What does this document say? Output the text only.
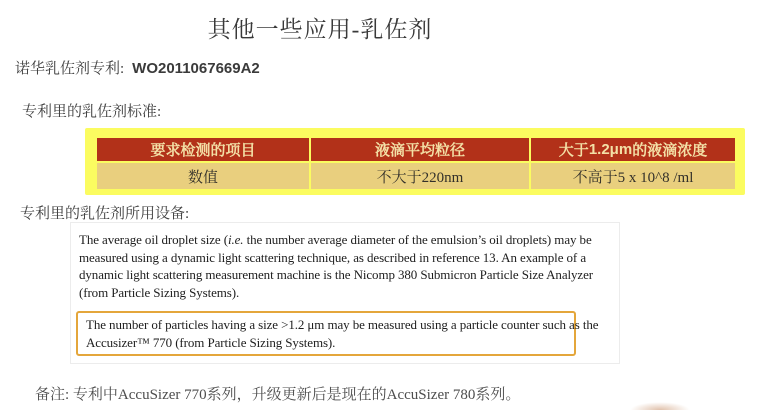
其他一些应用-乳佐剂
诺华乳佐剂专利: WO2011067669A2
专利里的乳佐剂标准:
要求检测的项目	液滴平均粒径	大于 1.2μm 的液滴浓度
数值	不大于220nm	不高于5 x 10^8 /ml
专利里的乳佐剂所用设备:
The average oil droplet size (i.e. the number average diameter of the emulsion’s oil droplets) may be
measured using a dynamic light scattering technique, as described in reference 13. An example of a
dynamic light scattering measurement machine is the Nicomp 380 Submicron Particle Size Analyzer
(from Particle Sizing Systems).
The number of particles having a size >1.2 μm may be measured using a particle counter such as the
Accusizer™ 770 (from Particle Sizing Systems).
备注: 专利中AccuSizer 770系列，升级更新后是现在的AccuSizer 780系列。
